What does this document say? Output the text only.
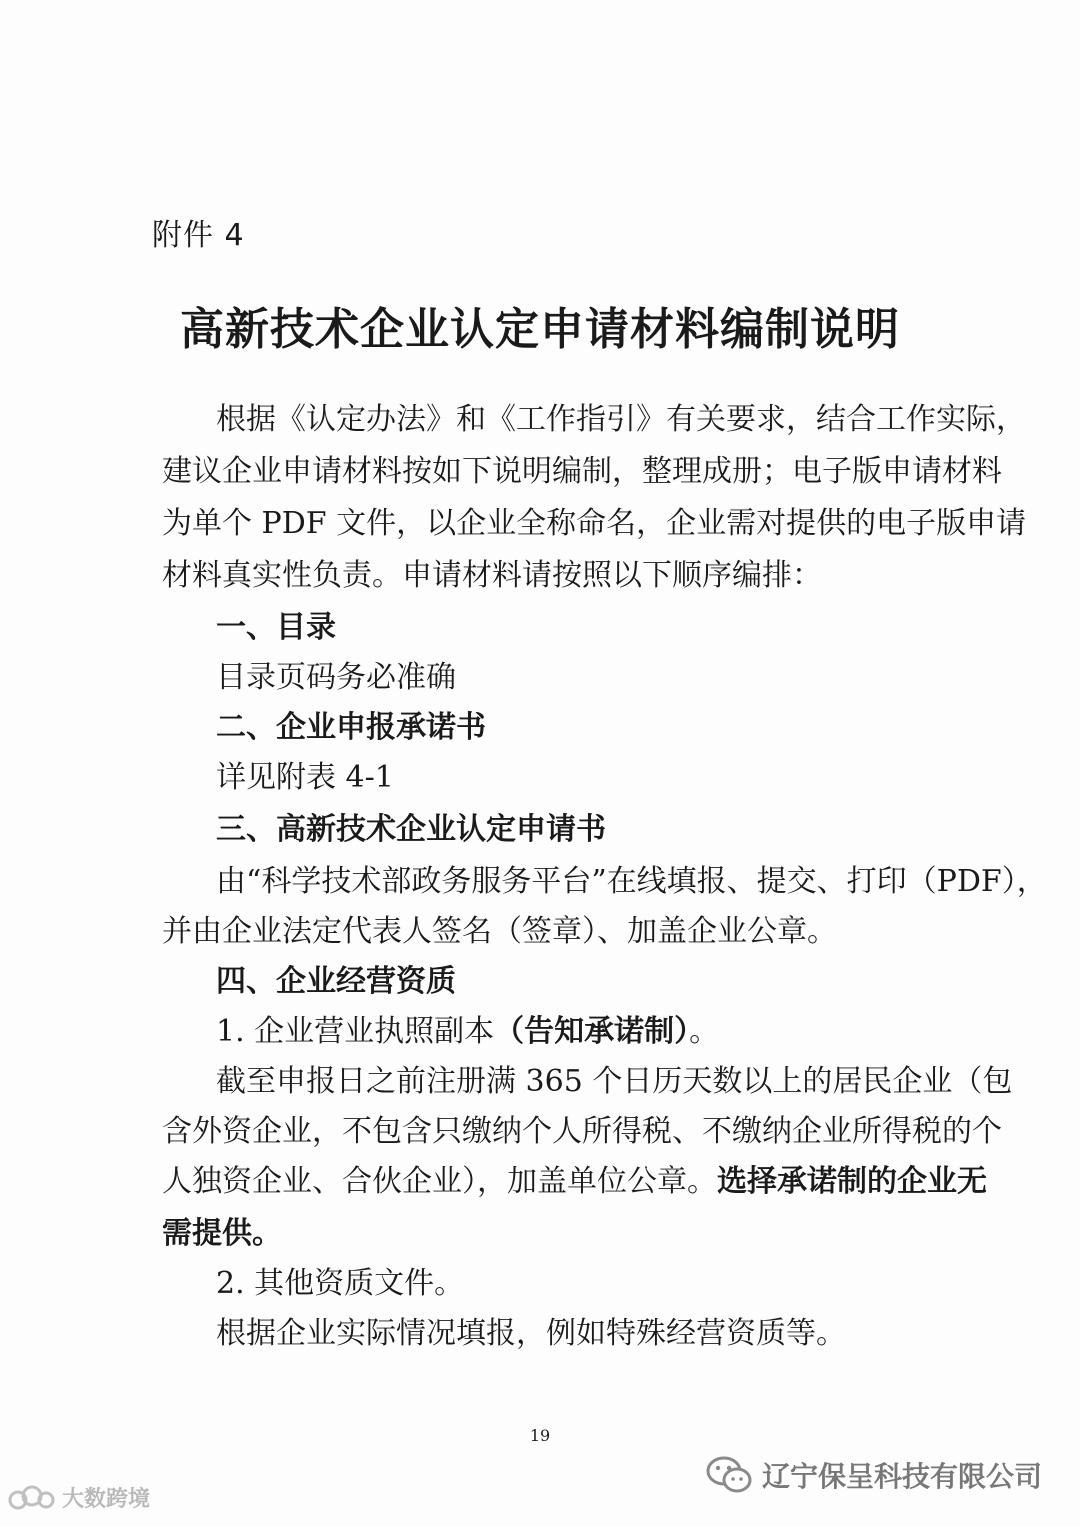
附件 4
高新技术企业认定申请材料编制说明
根据《认定办法》和《工作指引》有关要求，结合工作实际，
建议企业申请材料按如下说明编制，整理成册；电子版申请材料
为单个 PDF 文件，以企业全称命名，企业需对提供的电子版申请
材料真实性负责。申请材料请按照以下顺序编排：
一、目录
目录页码务必准确
二、企业申报承诺书
详见附表 4-1
三、高新技术企业认定申请书
由“科学技术部政务服务平台”在线填报、提交、打印（PDF），
并由企业法定代表人签名（签章）、加盖企业公章。
四、企业经营资质
1. 企业营业执照副本（告知承诺制）。
截至申报日之前注册满 365 个日历天数以上的居民企业（包
含外资企业，不包含只缴纳个人所得税、不缴纳企业所得税的个
人独资企业、合伙企业），加盖单位公章。选择承诺制的企业无
需提供。
2. 其他资质文件。
根据企业实际情况填报，例如特殊经营资质等。
19
大数跨境
辽宁保呈科技有限公司
